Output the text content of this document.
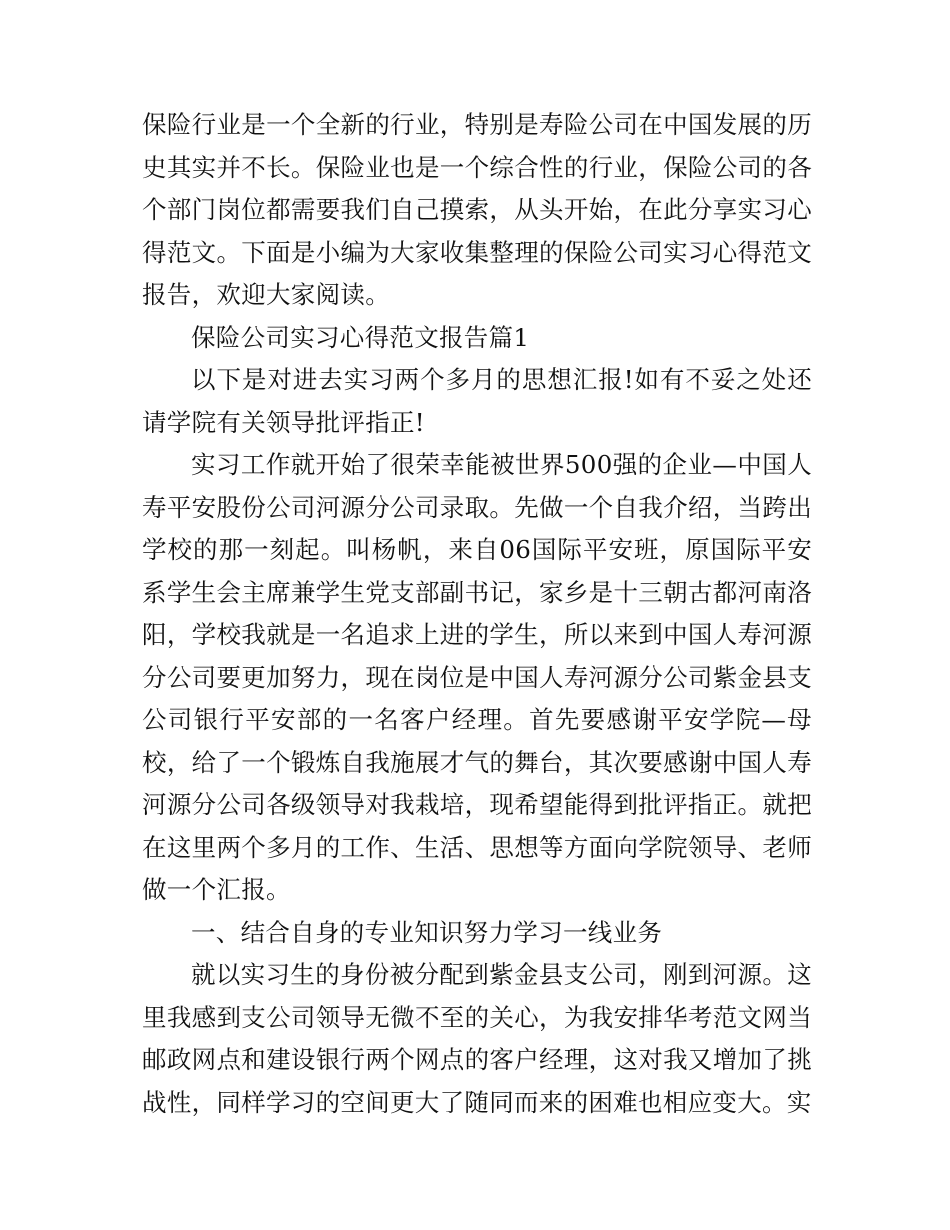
保险行业是一个全新的行业，特别是寿险公司在中国发展的历史其实并不长。保险业也是一个综合性的行业，保险公司的各个部门岗位都需要我们自己摸索，从头开始，在此分享实习心得范文。下面是小编为大家收集整理的保险公司实习心得范文报告，欢迎大家阅读。

保险公司实习心得范文报告篇1

以下是对进去实习两个多月的思想汇报!如有不妥之处还请学院有关领导批评指正!

实习工作就开始了很荣幸能被世界500强的企业—中国人寿平安股份公司河源分公司录取。先做一个自我介绍，当跨出学校的那一刻起。叫杨帆，来自06国际平安班，原国际平安系学生会主席兼学生党支部副书记，家乡是十三朝古都河南洛阳，学校我就是一名追求上进的学生，所以来到中国人寿河源分公司要更加努力，现在岗位是中国人寿河源分公司紫金县支公司银行平安部的一名客户经理。首先要感谢平安学院—母校，给了一个锻炼自我施展才气的舞台，其次要感谢中国人寿河源分公司各级领导对我栽培，现希望能得到批评指正。就把在这里两个多月的工作、生活、思想等方面向学院领导、老师做一个汇报。

一、结合自身的专业知识努力学习一线业务

就以实习生的身份被分配到紫金县支公司，刚到河源。这里我感到支公司领导无微不至的关心，为我安排华考范文网当邮政网点和建设银行两个网点的客户经理，这对我又增加了挑战性，同样学习的空间更大了随同而来的困难也相应变大。实
